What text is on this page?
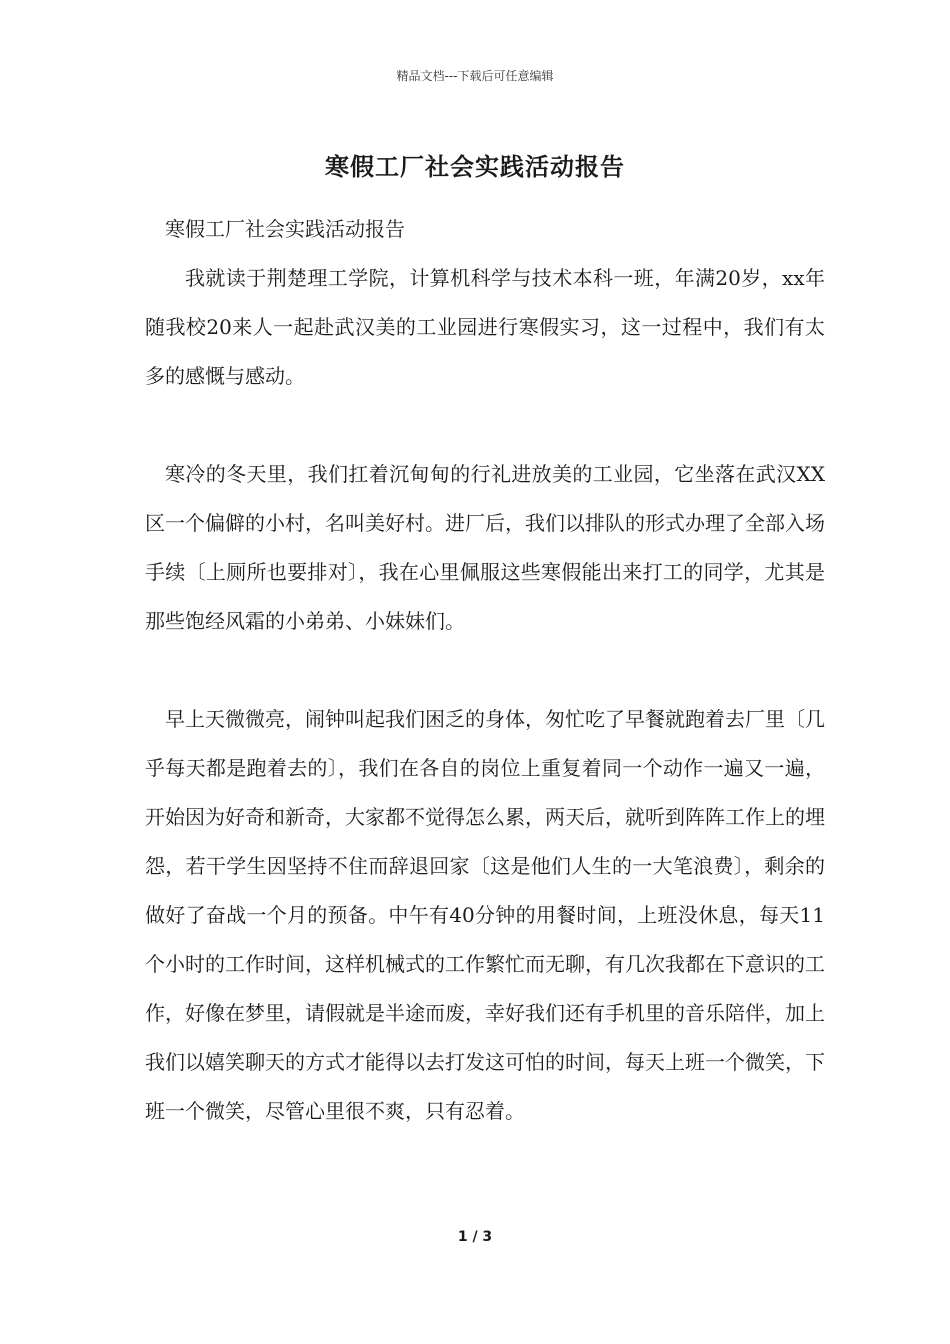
精品文档---下载后可任意编辑
寒假工厂社会实践活动报告

寒假工厂社会实践活动报告

我就读于荆楚理工学院，计算机科学与技术本科一班，年满20岁，xx年随我校20来人一起赴武汉美的工业园进行寒假实习，这一过程中，我们有太多的感慨与感动。

寒冷的冬天里，我们扛着沉甸甸的行礼进放美的工业园，它坐落在武汉XX区一个偏僻的小村，名叫美好村。进厂后，我们以排队的形式办理了全部入场手续〔上厕所也要排对〕，我在心里佩服这些寒假能出来打工的同学，尤其是那些饱经风霜的小弟弟、小妹妹们。

早上天微微亮，闹钟叫起我们困乏的身体，匆忙吃了早餐就跑着去厂里〔几乎每天都是跑着去的〕，我们在各自的岗位上重复着同一个动作一遍又一遍，开始因为好奇和新奇，大家都不觉得怎么累，两天后，就听到阵阵工作上的埋怨，若干学生因坚持不住而辞退回家〔这是他们人生的一大笔浪费〕，剩余的做好了奋战一个月的预备。中午有40分钟的用餐时间，上班没休息，每天11个小时的工作时间，这样机械式的工作繁忙而无聊，有几次我都在下意识的工作，好像在梦里，请假就是半途而废，幸好我们还有手机里的音乐陪伴，加上我们以嬉笑聊天的方式才能得以去打发这可怕的时间，每天上班一个微笑，下班一个微笑，尽管心里很不爽，只有忍着。

1 / 3
